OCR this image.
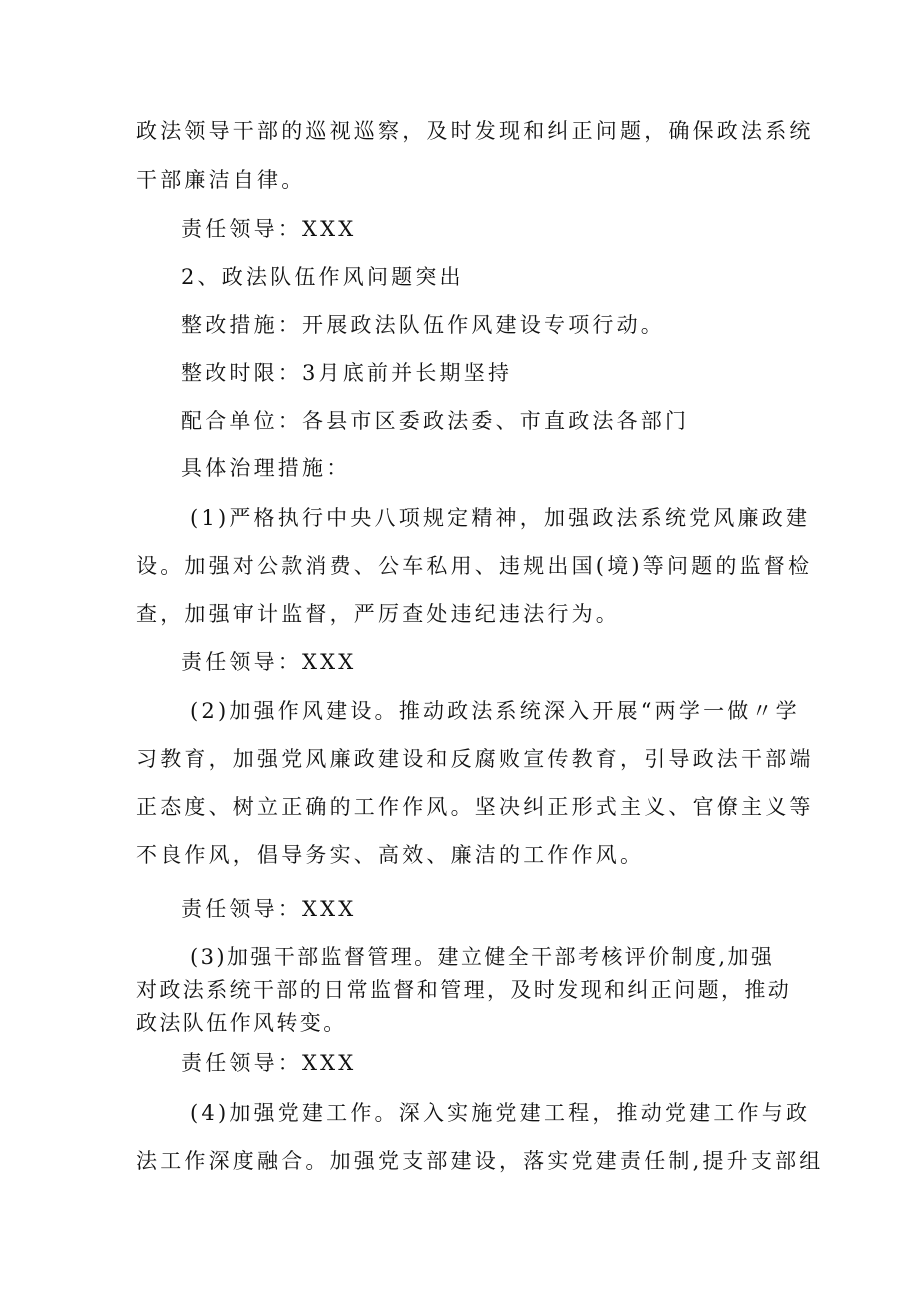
政法领导干部的巡视巡察，及时发现和纠正问题，确保政法系统
干部廉洁自律。
责任领导：XXX
2、政法队伍作风问题突出
整改措施：开展政法队伍作风建设专项行动。
整改时限：3月底前并长期坚持
配合单位：各县市区委政法委、市直政法各部门
具体治理措施：
(1)严格执行中央八项规定精神，加强政法系统党风廉政建
设。加强对公款消费、公车私用、违规出国(境)等问题的监督检
查，加强审计监督，严厉查处违纪违法行为。
责任领导：XXX
(2)加强作风建设。推动政法系统深入开展“两学一做〃学
习教育，加强党风廉政建设和反腐败宣传教育，引导政法干部端
正态度、树立正确的工作作风。坚决纠正形式主义、官僚主义等
不良作风，倡导务实、高效、廉洁的工作作风。
责任领导：XXX
(3)加强干部监督管理。建立健全干部考核评价制度,加强
对政法系统干部的日常监督和管理，及时发现和纠正问题，推动
政法队伍作风转变。
责任领导：XXX
(4)加强党建工作。深入实施党建工程，推动党建工作与政
法工作深度融合。加强党支部建设，落实党建责任制,提升支部组
